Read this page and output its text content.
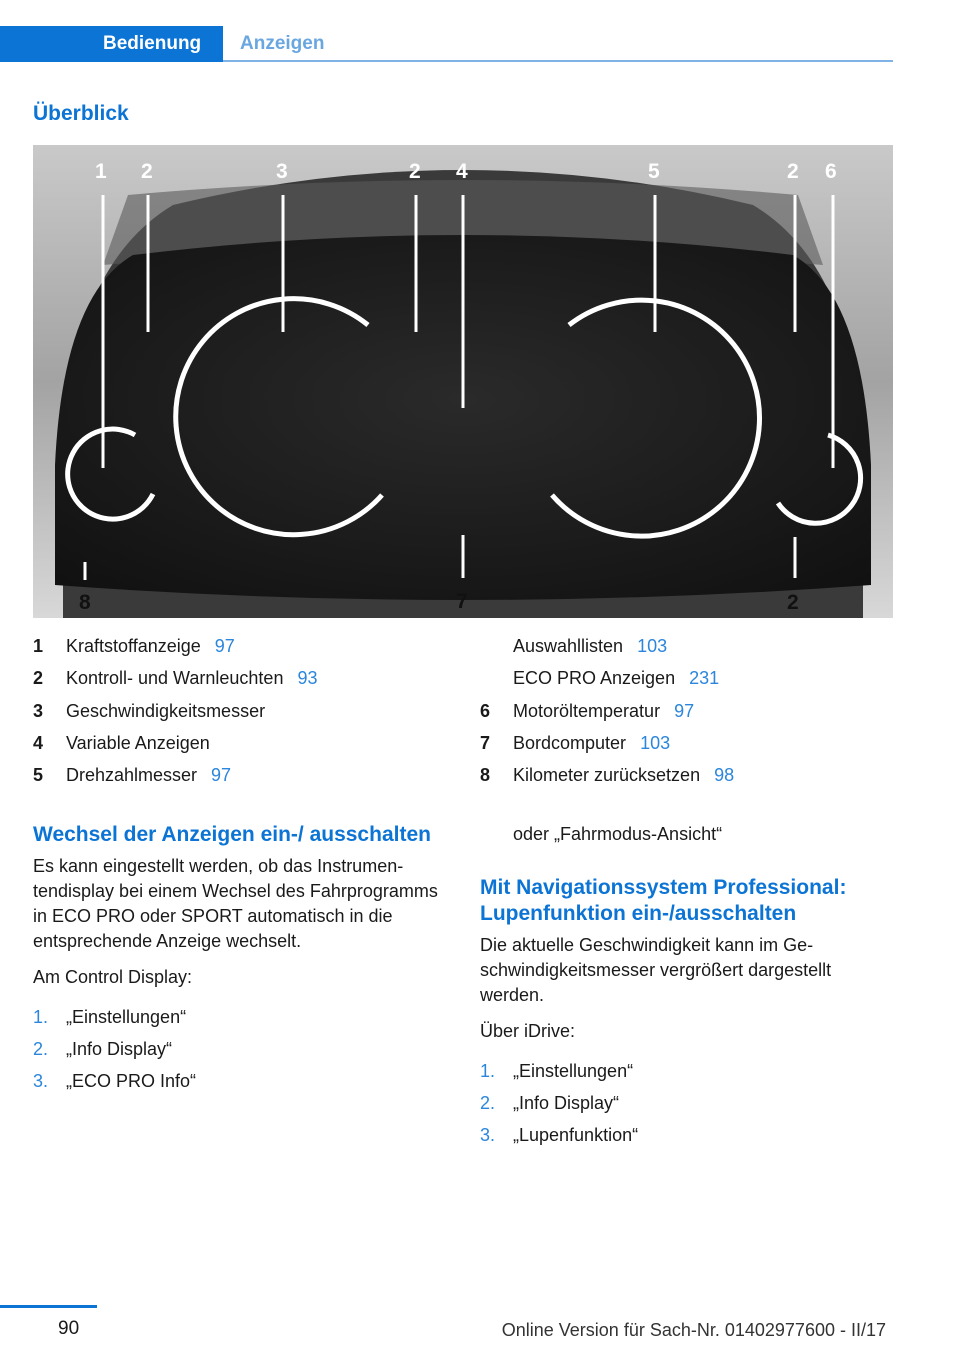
Bedienung	Anzeigen
Überblick
1 2	3	2 4	5	2 6
8	7	2
1 Kraftstoffanzeige 97
2 Kontroll- und Warnleuchten 93
3 Geschwindigkeitsmesser
4 Variable Anzeigen
5 Drehzahlmesser 97
Auswahllisten 103
ECO PRO Anzeigen 231
6 Motoröltemperatur 97
7 Bordcomputer 103
8 Kilometer zurücksetzen 98
Wechsel der Anzeigen ein-/ ausschalten

Es kann eingestellt werden, ob das Instrumentendisplay bei einem Wechsel des Fahrprogramms in ECO PRO oder SPORT automatisch in die entsprechende Anzeige wechselt.

Am Control Display:

1. „Einstellungen“
2. „Info Display“
3. „ECO PRO Info“

oder „Fahrmodus-Ansicht“

Mit Navigationssystem Professional: Lupenfunktion ein-/ausschalten

Die aktuelle Geschwindigkeit kann im Geschwindigkeitsmesser vergrößert dargestellt werden.

Über iDrive:

1. „Einstellungen“
2. „Info Display“
3. „Lupenfunktion“
90	Online Version für Sach-Nr. 01402977600 - II/17
